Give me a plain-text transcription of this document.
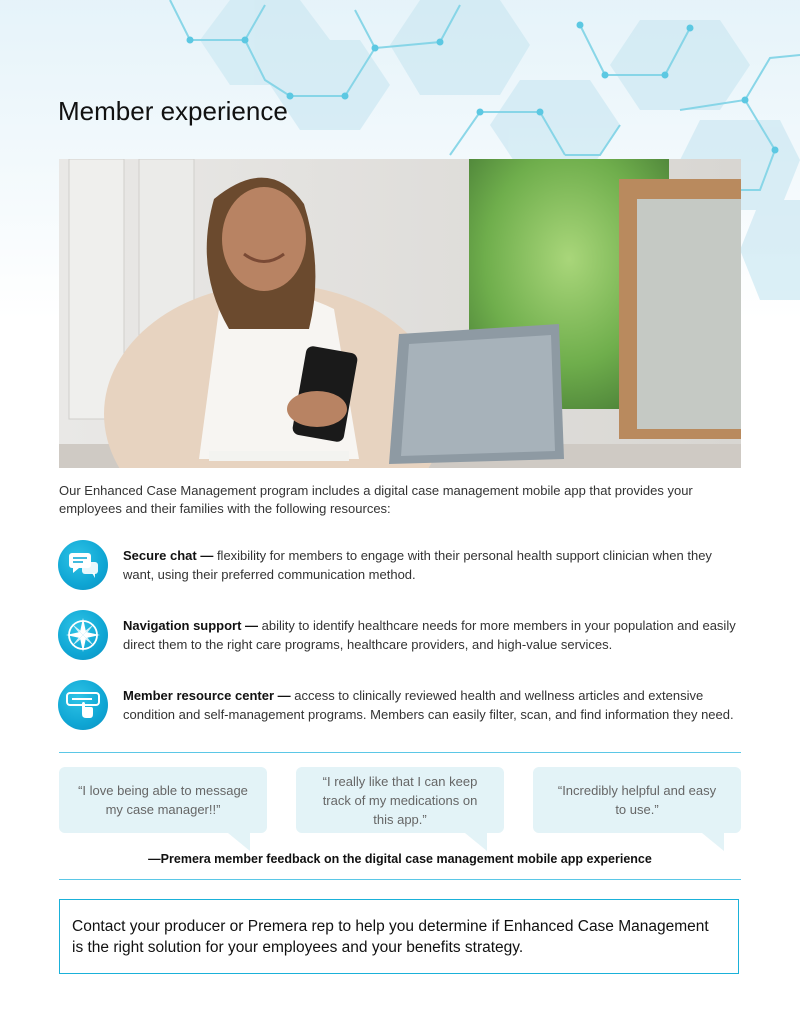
Member experience

Our Enhanced Case Management program includes a digital case management mobile app that provides your employees and their families with the following resources:

Secure chat — flexibility for members to engage with their personal health support clinician when they want, using their preferred communication method.

Navigation support — ability to identify healthcare needs for more members in your population and easily direct them to the right care programs, healthcare providers, and high-value services.

Member resource center — access to clinically reviewed health and wellness articles and extensive condition and self-management programs. Members can easily filter, scan, and find information they need.

“I love being able to message my case manager!!”
“I really like that I can keep track of my medications on this app.”
“Incredibly helpful and easy to use.”

—Premera member feedback on the digital case management mobile app experience

Contact your producer or Premera rep to help you determine if Enhanced Case Management
is the right solution for your employees and your benefits strategy.
